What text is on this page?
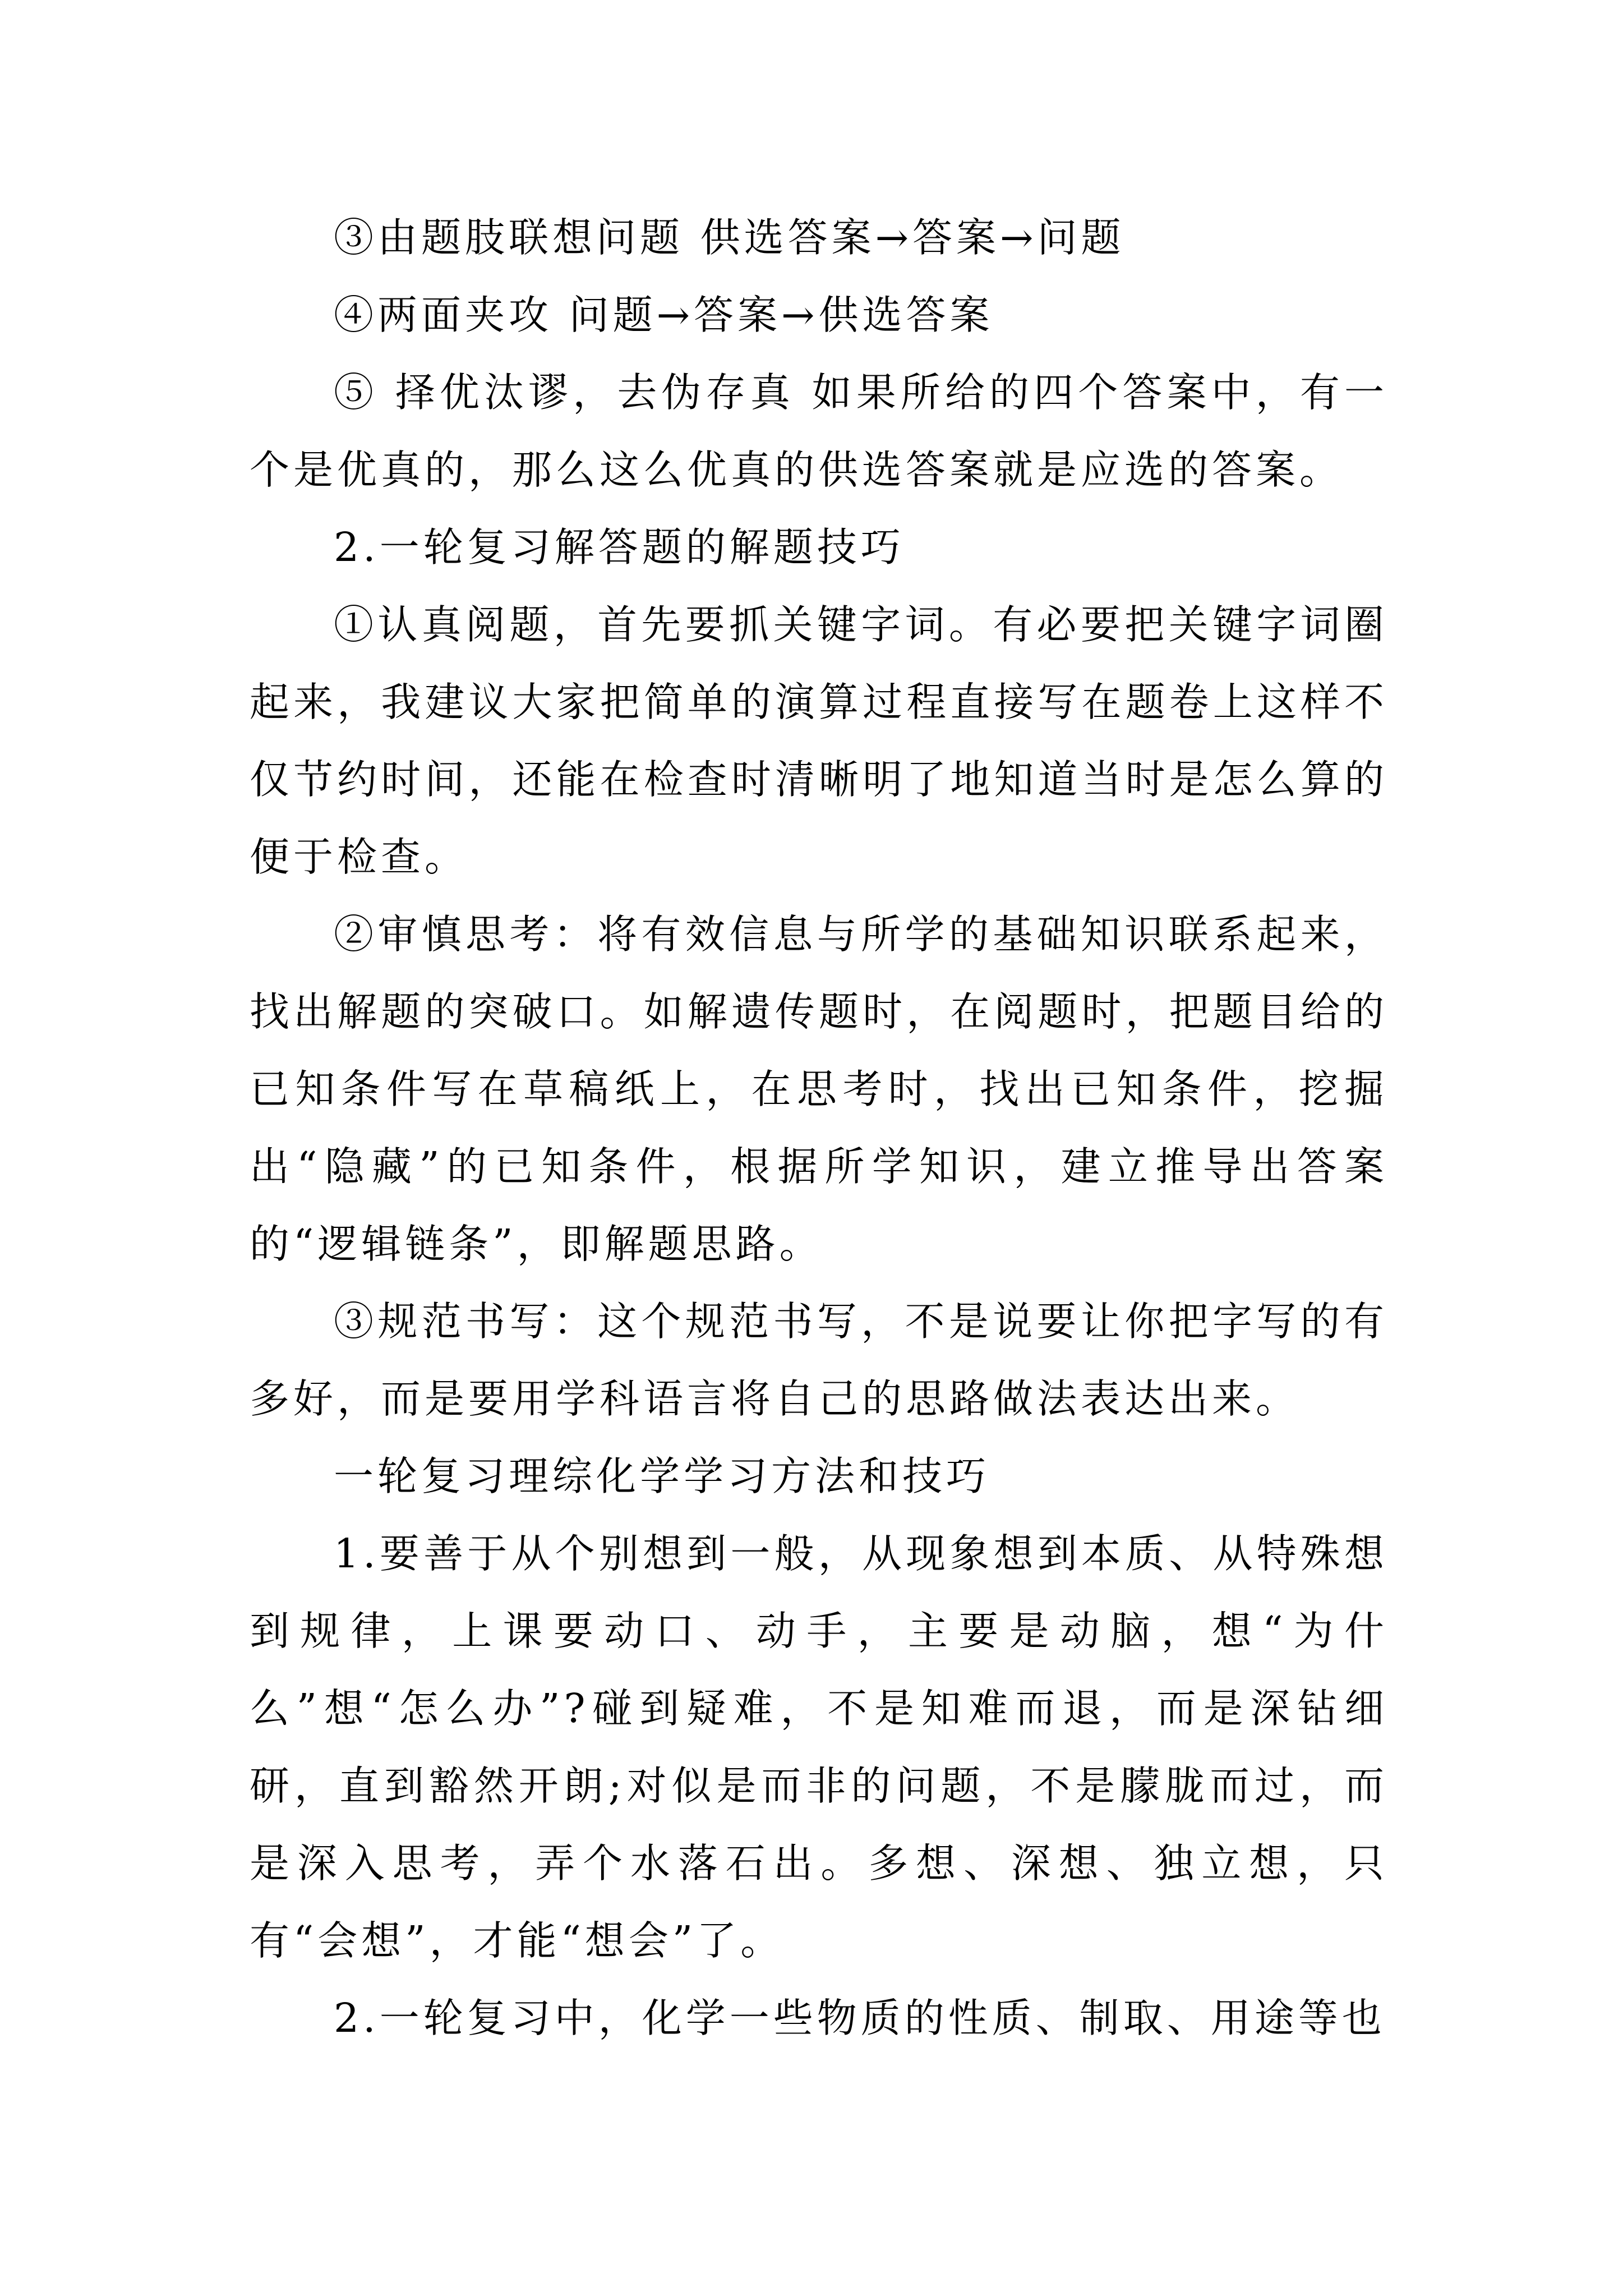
③由题肢联想问题 供选答案→答案→问题

④两面夹攻 问题→答案→供选答案

⑤ 择优汰谬，去伪存真 如果所给的四个答案中，有一个是优真的，那么这么优真的供选答案就是应选的答案。

2.一轮复习解答题的解题技巧

①认真阅题，首先要抓关键字词。有必要把关键字词圈起来，我建议大家把简单的演算过程直接写在题卷上这样不仅节约时间，还能在检查时清晰明了地知道当时是怎么算的便于检查。

②审慎思考：将有效信息与所学的基础知识联系起来，找出解题的突破口。如解遗传题时，在阅题时，把题目给的已知条件写在草稿纸上，在思考时，找出已知条件，挖掘出“隐藏”的已知条件，根据所学知识，建立推导出答案的“逻辑链条”，即解题思路。

③规范书写：这个规范书写，不是说要让你把字写的有多好，而是要用学科语言将自己的思路做法表达出来。

一轮复习理综化学学习方法和技巧

1.要善于从个别想到一般，从现象想到本质、从特殊想到规律，上课要动口、动手，主要是动脑，想“为什么”想“怎么办”?碰到疑难，不是知难而退，而是深钻细研，直到豁然开朗;对似是而非的问题，不是朦胧而过，而是深入思考，弄个水落石出。多想、深想、独立想，只有“会想”，才能“想会”了。

2.一轮复习中，化学一些物质的性质、制取、用途等也
